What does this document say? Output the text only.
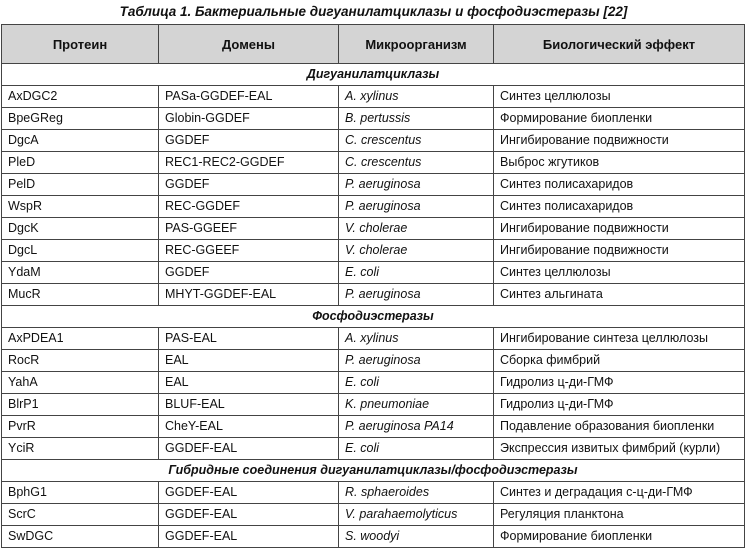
Таблица 1. Бактериальные дигуанилатциклазы и фосфодиэстеразы [22]
Протеин	Домены	Микроорганизм	Биологический эффект
Дигуанилатциклазы			
AxDGC2	PASa-GGDEF-EAL	A. xylinus	Синтез целлюлозы
BpeGReg	Globin-GGDEF	B. pertussis	Формирование биопленки
DgcA	GGDEF	C. crescentus	Ингибирование подвижности
PleD	REC1-REC2-GGDEF	C. crescentus	Выброс жгутиков
PelD	GGDEF	P. aeruginosa	Синтез полисахаридов
WspR	REC-GGDEF	P. aeruginosa	Синтез полисахаридов
DgcK	PAS-GGEEF	V. cholerae	Ингибирование подвижности
DgcL	REC-GGEEF	V. cholerae	Ингибирование подвижности
YdaM	GGDEF	E. coli	Синтез целлюлозы
MucR	MHYT-GGDEF-EAL	P. aeruginosa	Синтез альгината
Фосфодиэстеразы			
AxPDEA1	PAS-EAL	A. xylinus	Ингибирование синтеза целлюлозы
RocR	EAL	P. aeruginosa	Сборка фимбрий
YahA	EAL	E. coli	Гидролиз ц-ди-ГМФ
BlrP1	BLUF-EAL	K. pneumoniae	Гидролиз ц-ди-ГМФ
PvrR	CheY-EAL	P. aeruginosa PA14	Подавление образования биопленки
YciR	GGDEF-EAL	E. coli	Экспрессия извитых фимбрий (курли)
Гибридные соединения дигуанилатциклазы/фосфодиэстеразы			
BphG1	GGDEF-EAL	R. sphaeroides	Синтез и деградация с-ц-ди-ГМФ
ScrC	GGDEF-EAL	V. parahaemolyticus	Регуляция планктона
SwDGC	GGDEF-EAL	S. woodyi	Формирование биопленки
